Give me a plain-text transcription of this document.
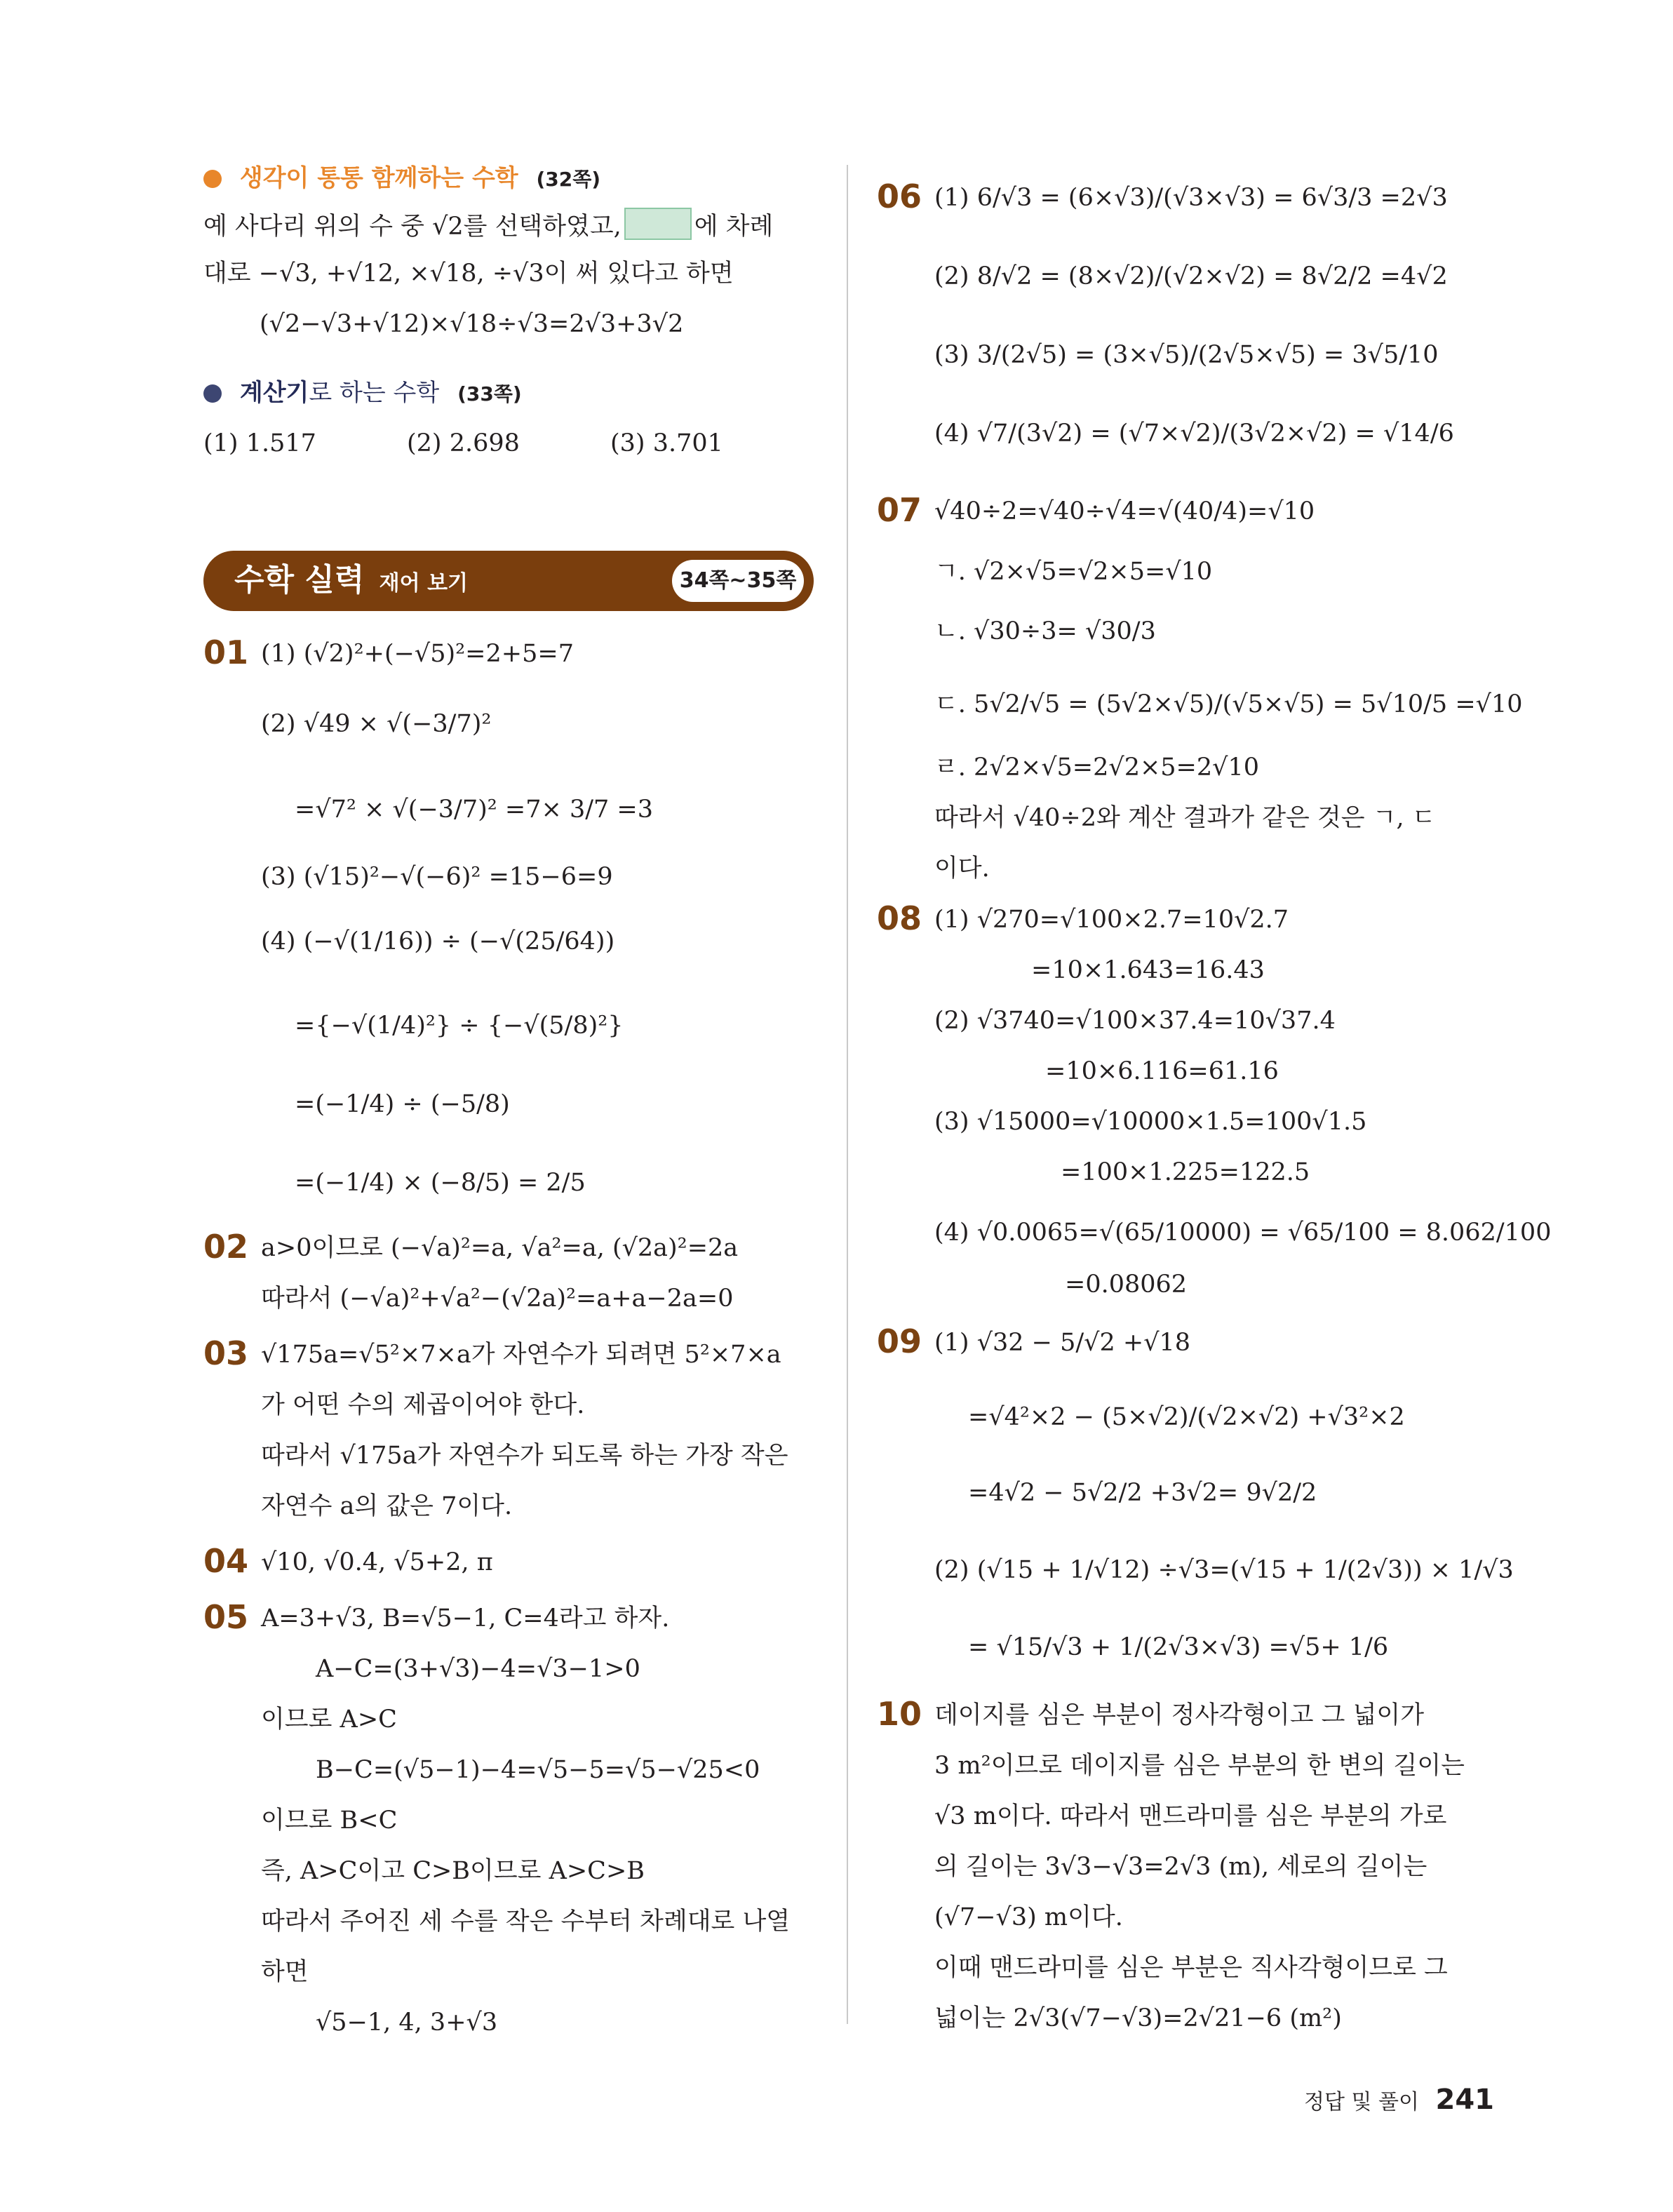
생각이 통통 함께하는 수학 (32쪽)
예 사다리 위의 수 중 √2를 선택하였고,	에 차례
대로 −√3, +√12, ×√18, ÷√3이 써 있다고 하면
(√2−√3+√12)×√18÷√3=2√3+3√2
계산기로 하는 수학 (33쪽)
(1) 1.517	(2) 2.698	(3) 3.701
수학 실력 재어 보기	34쪽~35쪽
01 (1) (√2)²+(−√5)²=2+5=7
(2) √49 × √(−3/7)²
=√7² × √(−3/7)² =7× 3/7 =3
(3) (√15)²−√(−6)² =15−6=9
(4) (−√(1/16)) ÷ (−√(25/64))
={−√(1/4)²} ÷ {−√(5/8)²}
=(−1/4) ÷ (−5/8)
=(−1/4) × (−8/5) = 2/5
02 a>0이므로 (−√a)²=a, √a²=a, (√2a)²=2a
따라서 (−√a)²+√a²−(√2a)²=a+a−2a=0
03 √175a=√5²×7×a가 자연수가 되려면 5²×7×a
가 어떤 수의 제곱이어야 한다.
따라서 √175a가 자연수가 되도록 하는 가장 작은
자연수 a의 값은 7이다.
04 √10, √0.4, √5+2, π
05 A=3+√3, B=√5−1, C=4라고 하자.
A−C=(3+√3)−4=√3−1>0
이므로 A>C
B−C=(√5−1)−4=√5−5=√5−√25<0
이므로 B<C
즉, A>C이고 C>B이므로 A>C>B
따라서 주어진 세 수를 작은 수부터 차례대로 나열
하면
√5−1, 4, 3+√3
06 (1) 6/√3 = (6×√3)/(√3×√3) = 6√3/3 =2√3
(2) 8/√2 = (8×√2)/(√2×√2) = 8√2/2 =4√2
(3) 3/(2√5) = (3×√5)/(2√5×√5) = 3√5/10
(4) √7/(3√2) = (√7×√2)/(3√2×√2) = √14/6
07 √40÷2=√40÷√4=√(40/4)=√10
ㄱ. √2×√5=√2×5=√10
ㄴ. √30÷3= √30/3
ㄷ. 5√2/√5 = (5√2×√5)/(√5×√5) = 5√10/5 =√10
ㄹ. 2√2×√5=2√2×5=2√10
따라서 √40÷2와 계산 결과가 같은 것은 ㄱ, ㄷ
이다.
08 (1) √270=√100×2.7=10√2.7
=10×1.643=16.43
(2) √3740=√100×37.4=10√37.4
=10×6.116=61.16
(3) √15000=√10000×1.5=100√1.5
=100×1.225=122.5
(4) √0.0065=√(65/10000) = √65/100 = 8.062/100
=0.08062
09 (1) √32 − 5/√2 +√18
=√4²×2 − (5×√2)/(√2×√2) +√3²×2
=4√2 − 5√2/2 +3√2= 9√2/2
(2) (√15 + 1/√12) ÷√3=(√15 + 1/(2√3)) × 1/√3
= √15/√3 + 1/(2√3×√3) =√5+ 1/6
10 데이지를 심은 부분이 정사각형이고 그 넓이가
3 m²이므로 데이지를 심은 부분의 한 변의 길이는
√3 m이다. 따라서 맨드라미를 심은 부분의 가로
의 길이는 3√3−√3=2√3 (m), 세로의 길이는
(√7−√3) m이다.
이때 맨드라미를 심은 부분은 직사각형이므로 그
넓이는 2√3(√7−√3)=2√21−6 (m²)
정답 및 풀이 241
